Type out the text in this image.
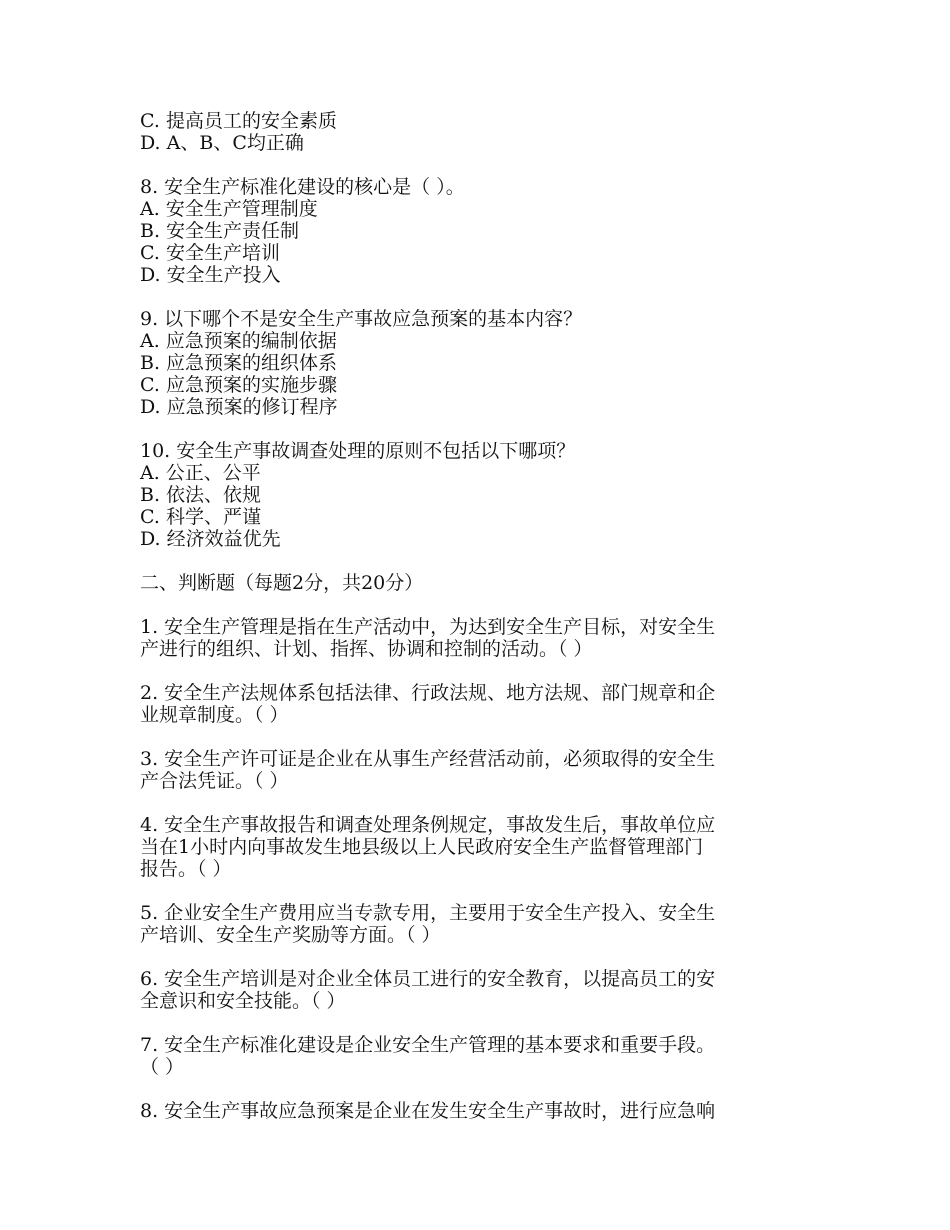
C. 提高员工的安全素质
D. A、B、C均正确
8. 安全生产标准化建设的核心是（ ）。
A. 安全生产管理制度
B. 安全生产责任制
C. 安全生产培训
D. 安全生产投入
9. 以下哪个不是安全生产事故应急预案的基本内容？
A. 应急预案的编制依据
B. 应急预案的组织体系
C. 应急预案的实施步骤
D. 应急预案的修订程序
10. 安全生产事故调查处理的原则不包括以下哪项？
A. 公正、公平
B. 依法、依规
C. 科学、严谨
D. 经济效益优先
二、判断题（每题2分，共20分）
1. 安全生产管理是指在生产活动中，为达到安全生产目标，对安全生
产进行的组织、计划、指挥、协调和控制的活动。（ ）
2. 安全生产法规体系包括法律、行政法规、地方法规、部门规章和企
业规章制度。（ ）
3. 安全生产许可证是企业在从事生产经营活动前，必须取得的安全生
产合法凭证。（ ）
4. 安全生产事故报告和调查处理条例规定，事故发生后，事故单位应
当在1小时内向事故发生地县级以上人民政府安全生产监督管理部门
报告。（ ）
5. 企业安全生产费用应当专款专用，主要用于安全生产投入、安全生
产培训、安全生产奖励等方面。（ ）
6. 安全生产培训是对企业全体员工进行的安全教育，以提高员工的安
全意识和安全技能。（ ）
7. 安全生产标准化建设是企业安全生产管理的基本要求和重要手段。
（ ）
8. 安全生产事故应急预案是企业在发生安全生产事故时，进行应急响
